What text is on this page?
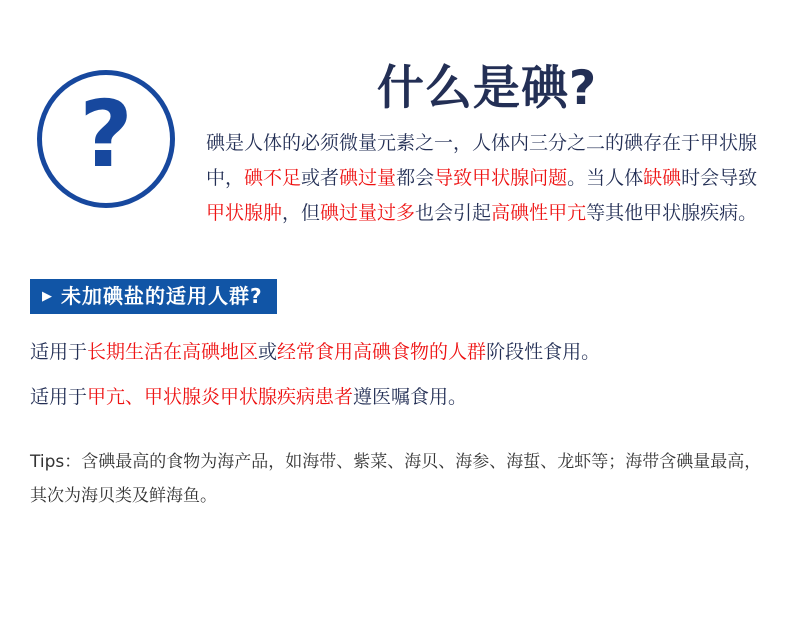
?	什么是碘?

碘是人体的必须微量元素之一，人体内三分之二的碘存在于甲状腺
中，碘不足或者碘过量都会导致甲状腺问题。当人体缺碘时会导致
甲状腺肿，但碘过量过多也会引起高碘性甲亢等其他甲状腺疾病。

▶ 未加碘盐的适用人群?

适用于长期生活在高碘地区或经常食用高碘食物的人群阶段性食用。

适用于甲亢、甲状腺炎甲状腺疾病患者遵医嘱食用。

Tips：含碘最高的食物为海产品，如海带、紫菜、海贝、海参、海蜇、龙虾等；海带含碘量最高，
其次为海贝类及鲜海鱼。
